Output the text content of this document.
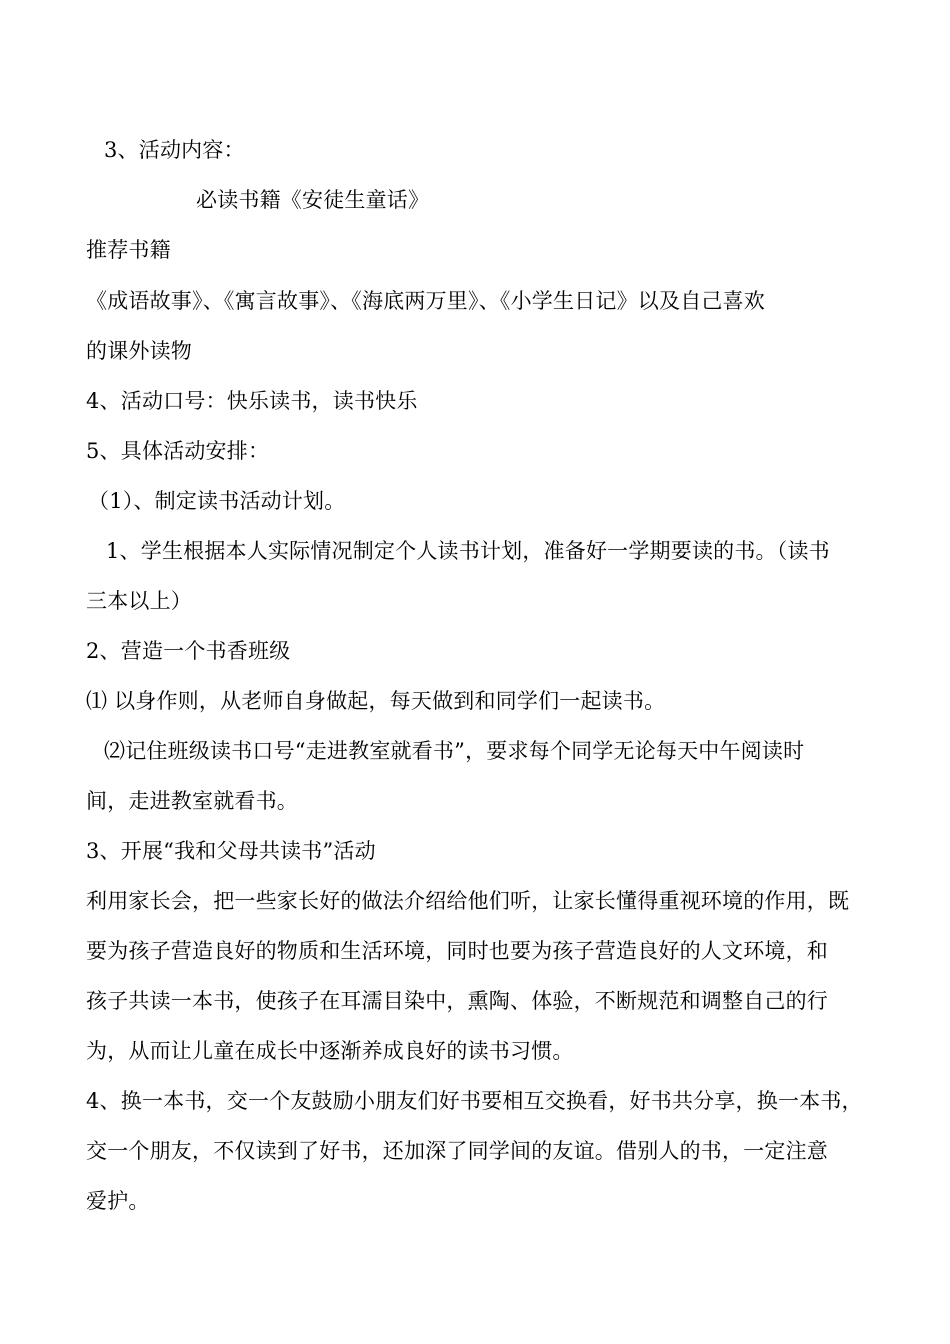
3、活动内容：
必读书籍《安徒生童话》
推荐书籍
《成语故事》、《寓言故事》、《海底两万里》、《小学生日记》以及自己喜欢
的课外读物
4、活动口号：快乐读书，读书快乐
5、具体活动安排：
（1）、制定读书活动计划。
1、学生根据本人实际情况制定个人读书计划，准备好一学期要读的书。（读书
三本以上）
2、营造一个书香班级
⑴ 以身作则，从老师自身做起，每天做到和同学们一起读书。
⑵记住班级读书口号“走进教室就看书”，要求每个同学无论每天中午阅读时
间，走进教室就看书。
3、开展“我和父母共读书”活动
利用家长会，把一些家长好的做法介绍给他们听，让家长懂得重视环境的作用，既
要为孩子营造良好的物质和生活环境，同时也要为孩子营造良好的人文环境，和
孩子共读一本书，使孩子在耳濡目染中，熏陶、体验，不断规范和调整自己的行
为，从而让儿童在成长中逐渐养成良好的读书习惯。
4、换一本书，交一个友鼓励小朋友们好书要相互交换看，好书共分享，换一本书，
交一个朋友，不仅读到了好书，还加深了同学间的友谊。借别人的书，一定注意
爱护。
